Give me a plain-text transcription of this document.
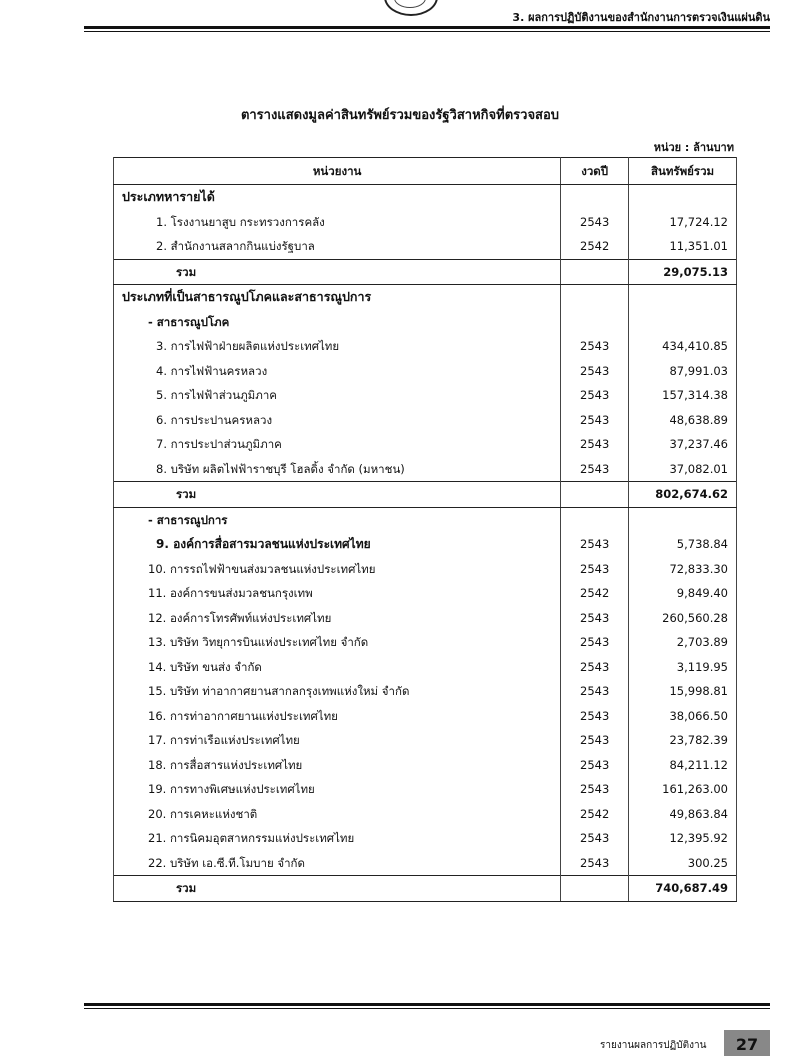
3. ผลการปฏิบัติงานของสำนักงานการตรวจเงินแผ่นดิน
ตารางแสดงมูลค่าสินทรัพย์รวมของรัฐวิสาหกิจที่ตรวจสอบ
หน่วย : ล้านบาท
หน่วยงาน	งวดปี	สินทรัพย์รวม
ประเภทหารายได้		
1. โรงงานยาสูบ กระทรวงการคลัง	2543	17,724.12
2. สำนักงานสลากกินแบ่งรัฐบาล	2542	11,351.01
รวม		29,075.13
ประเภทที่เป็นสาธารณูปโภคและสาธารณูปการ		
- สาธารณูปโภค		
3. การไฟฟ้าฝ่ายผลิตแห่งประเทศไทย	2543	434,410.85
4. การไฟฟ้านครหลวง	2543	87,991.03
5. การไฟฟ้าส่วนภูมิภาค	2543	157,314.38
6. การประปานครหลวง	2543	48,638.89
7. การประปาส่วนภูมิภาค	2543	37,237.46
8. บริษัท ผลิตไฟฟ้าราชบุรี โฮลดิ้ง จำกัด (มหาชน)	2543	37,082.01
รวม		802,674.62
- สาธารณูปการ		
9. องค์การสื่อสารมวลชนแห่งประเทศไทย	2543	5,738.84
10. การรถไฟฟ้าขนส่งมวลชนแห่งประเทศไทย	2543	72,833.30
11. องค์การขนส่งมวลชนกรุงเทพ	2542	9,849.40
12. องค์การโทรศัพท์แห่งประเทศไทย	2543	260,560.28
13. บริษัท วิทยุการบินแห่งประเทศไทย จำกัด	2543	2,703.89
14. บริษัท ขนส่ง จำกัด	2543	3,119.95
15. บริษัท ท่าอากาศยานสากลกรุงเทพแห่งใหม่ จำกัด	2543	15,998.81
16. การท่าอากาศยานแห่งประเทศไทย	2543	38,066.50
17. การท่าเรือแห่งประเทศไทย	2543	23,782.39
18. การสื่อสารแห่งประเทศไทย	2543	84,211.12
19. การทางพิเศษแห่งประเทศไทย	2543	161,263.00
20. การเคหะแห่งชาติ	2542	49,863.84
21. การนิคมอุตสาหกรรมแห่งประเทศไทย	2543	12,395.92
22. บริษัท เอ.ซี.ที.โมบาย จำกัด	2543	300.25
รวม		740,687.49
รายงานผลการปฏิบัติงาน	27
